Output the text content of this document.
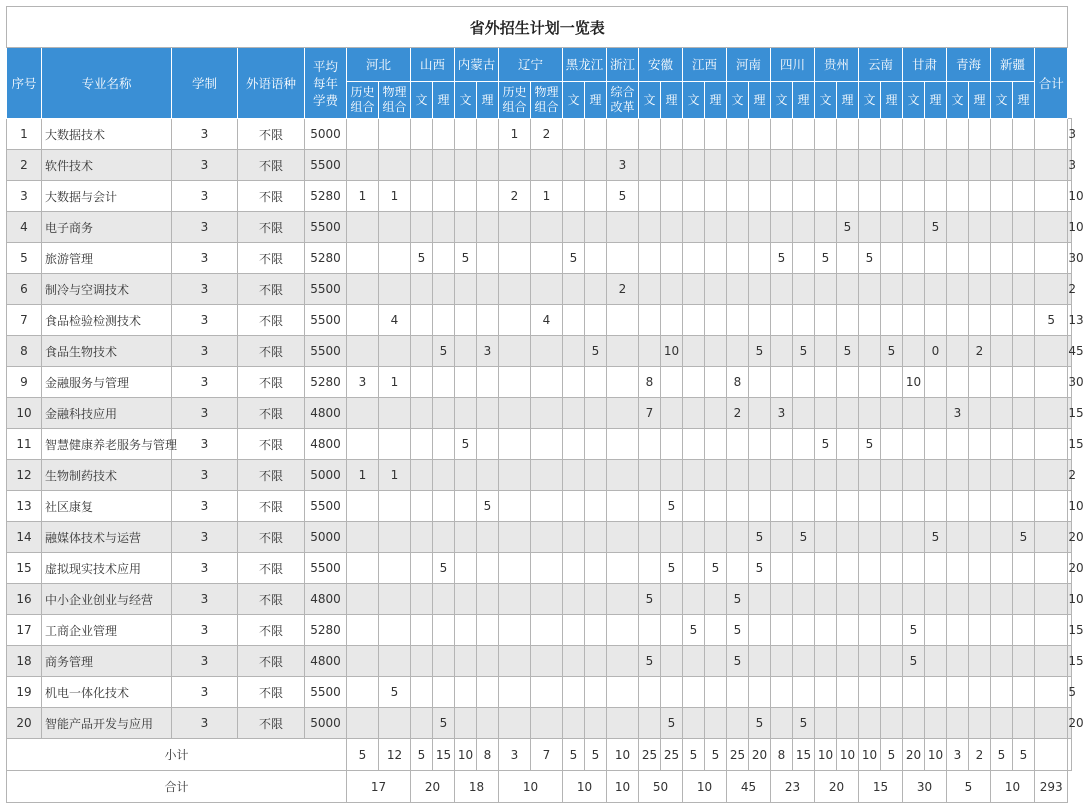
省外招生计划一览表																																			
序号	专业名称	学制	外语语种	平均每年学费	河北		山西		内蒙古		辽宁		黑龙江		浙江	安徽		江西		河南		四川		贵州		云南		甘肃		青海		新疆		合计	
					历史组合	物理组合	文	理	文	理	历史组合	物理组合	文	理	综合改革	文	理	文	理	文	理	文	理	文	理	文	理	文	理	文	理	文	理		
1	大数据技术	3	不限	5000							1	2																							3
2	软件技术	3	不限	5500											3																				3
3	大数据与会计	3	不限	5280	1	1					2	1			5																				10
4	电子商务	3	不限	5500																					5				5						10
5	旅游管理	3	不限	5280			5		5				5									5		5		5									30
6	制冷与空调技术	3	不限	5500											2																				2
7	食品检验检测技术	3	不限	5500		4						4																						5	13
8	食品生物技术	3	不限	5500				5		3				5			10				5		5		5		5		0		2				45
9	金融服务与管理	3	不限	5280	3	1										8				8								10							30
10	金融科技应用	3	不限	4800												7				2		3								3					15
11	智慧健康养老服务与管理	3	不限	4800					5															5		5									15
12	生物制药技术	3	不限	5000	1	1																													2
13	社区康复	3	不限	5500						5							5																		10
14	融媒体技术与运营	3	不限	5000																	5		5						5				5		20
15	虚拟现实技术应用	3	不限	5500				5									5		5		5														20
16	中小企业创业与经营	3	不限	4800												5				5															10
17	工商企业管理	3	不限	5280														5		5								5							15
18	商务管理	3	不限	4800												5				5								5							15
19	机电一体化技术	3	不限	5500		5																													5
20	智能产品开发与应用	3	不限	5000				5									5				5		5												20
小计					5	12	5	15	10	8	3	7	5	5	10	25	25	5	5	25	20	8	15	10	10	10	5	20	10	3	2	5	5		
合计					17		20		18		10		10		10	50		10		45		23		20		15		30		5		10		293	
